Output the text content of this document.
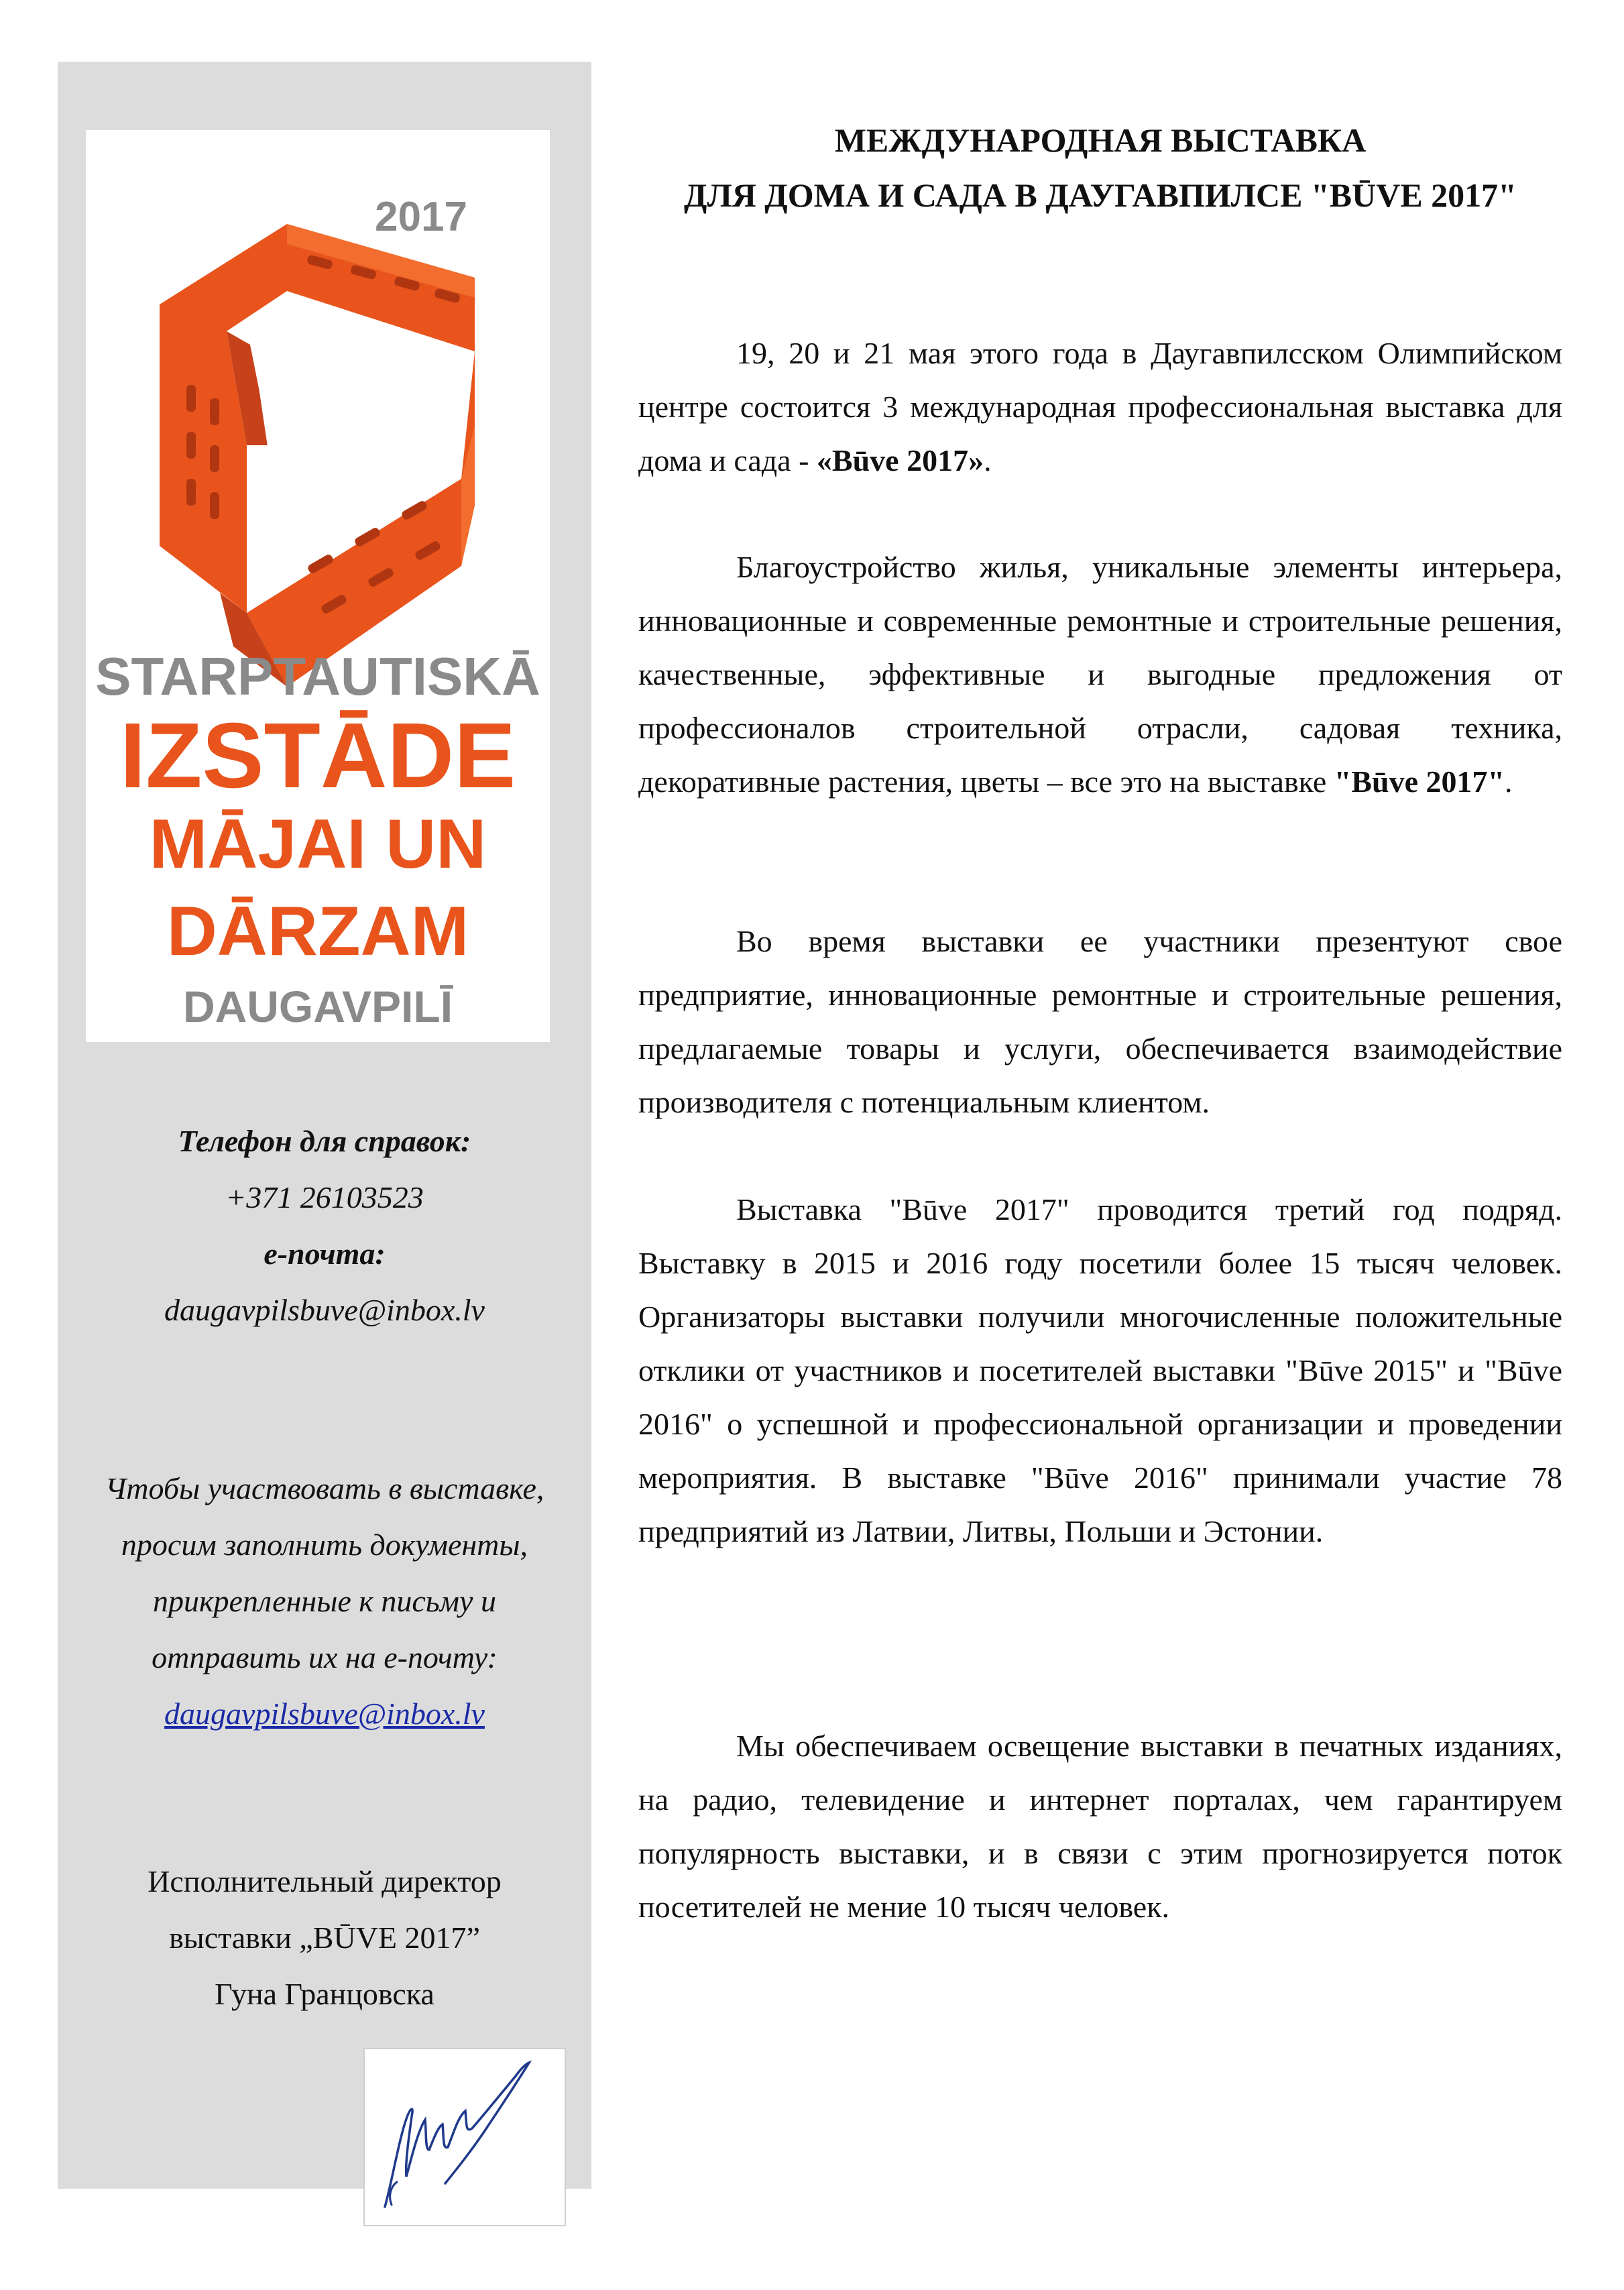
2017
STARPTAUTISKĀ
IZSTĀDE
MĀJAI UN
DĀRZAM
DAUGAVPILĪ
Телефон для справок:
+371 26103523
e-почта:
daugavpilsbuve@inbox.lv
Чтобы участвовать в выставке,
просим заполнить документы,
прикрепленные к письму и
отправить их на e-почту:
daugavpilsbuve@inbox.lv
Исполнительный директор
выставки „BŪVE 2017”
Гуна Гранцовска
МЕЖДУНАРОДНАЯ ВЫСТАВКА
ДЛЯ ДОМА И САДА В ДАУГАВПИЛСЕ "BŪVE 2017"
19, 20 и 21 мая этого года в Даугавпилсском Олимпийском центре состоится 3 международная профессиональная выставка для дома и сада - «Būve 2017».
Благоустройство жилья, уникальные элементы интерьера, инновационные и современные ремонтные и строительные решения, качественные, эффективные и выгодные предложения от профессионалов строительной отрасли, садовая техника, декоративные растения, цветы – все это на выставке "Būve 2017".
Во время выставки ее участники презентуют свое предприятие, инновационные ремонтные и строительные решения, предлагаемые товары и услуги, обеспечивается взаимодействие производителя с потенциальным клиентом.
Выставка "Būve 2017" проводится третий год подряд. Выставку в 2015 и 2016 году посетили более 15 тысяч человек. Организаторы выставки получили многочисленные положительные отклики от участников и посетителей выставки "Būve 2015" и "Būve 2016" о успешной и профессиональной организации и проведении мероприятия. В выставке "Būve 2016" принимали участие 78 предприятий из Латвии, Литвы, Польши и Эстонии.
Мы обеспечиваем освещение выставки в печатных изданиях, на радио, телевидение и интернет порталах, чем гарантируем популярность выставки, и в связи с этим прогнозируется поток посетителей не мение 10 тысяч человек.
